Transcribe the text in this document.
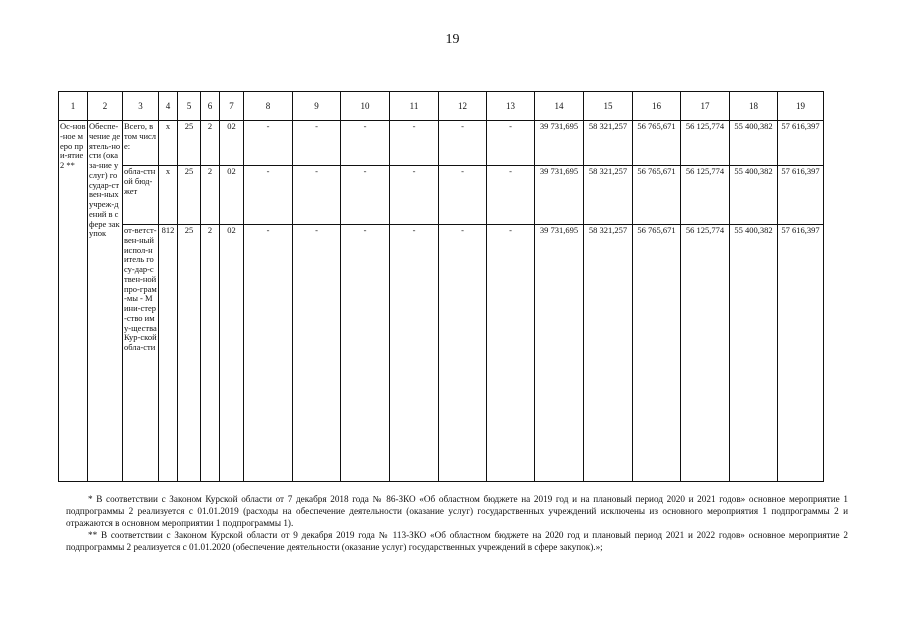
19
1	2	3	4	5	6	7	8	9	10	11	12	13	14	15	16	17	18	19
Ос-нов-ное меро при-ятие 2 **	Обеспе-чение деятель-ности (оказа-ние услуг) государ-ствен-ных учреж-дений в сфере закупок	Всего, в том числе:	х	25	2	02	-	-	-	-	-	-	39 731,695	58 321,257	56 765,671	56 125,774	55 400,382	57 616,397
		обла-стной бюд-жет	х	25	2	02	-	-	-	-	-	-	39 731,695	58 321,257	56 765,671	56 125,774	55 400,382	57 616,397
		от-ветст-вен-ный испол-нитель госу-дар-ствен-ной про-грам-мы - Мини-стер-ство иму-щества Кур-ской обла-сти	812	25	2	02	-	-	-	-	-	-	39 731,695	58 321,257	56 765,671	56 125,774	55 400,382	57 616,397

* В соответствии с Законом Курской области от 7 декабря 2018 года № 86-ЗКО «Об областном бюджете на 2019 год и на плановый период 2020 и 2021 годов» основное мероприятие 1 подпрограммы 2 реализуется с 01.01.2019 (расходы на обеспечение деятельности (оказание услуг) государственных учреждений исключены из основного мероприятия 1 подпрограммы 2 и отражаются в основном мероприятии 1 подпрограммы 1).

** В соответствии с Законом Курской области от 9 декабря 2019 года № 113-ЗКО «Об областном бюджете на 2020 год и плановый период 2021 и 2022 годов» основное мероприятие 2 подпрограммы 2 реализуется с 01.01.2020 (обеспечение деятельности (оказание услуг) государственных учреждений в сфере закупок).»;
